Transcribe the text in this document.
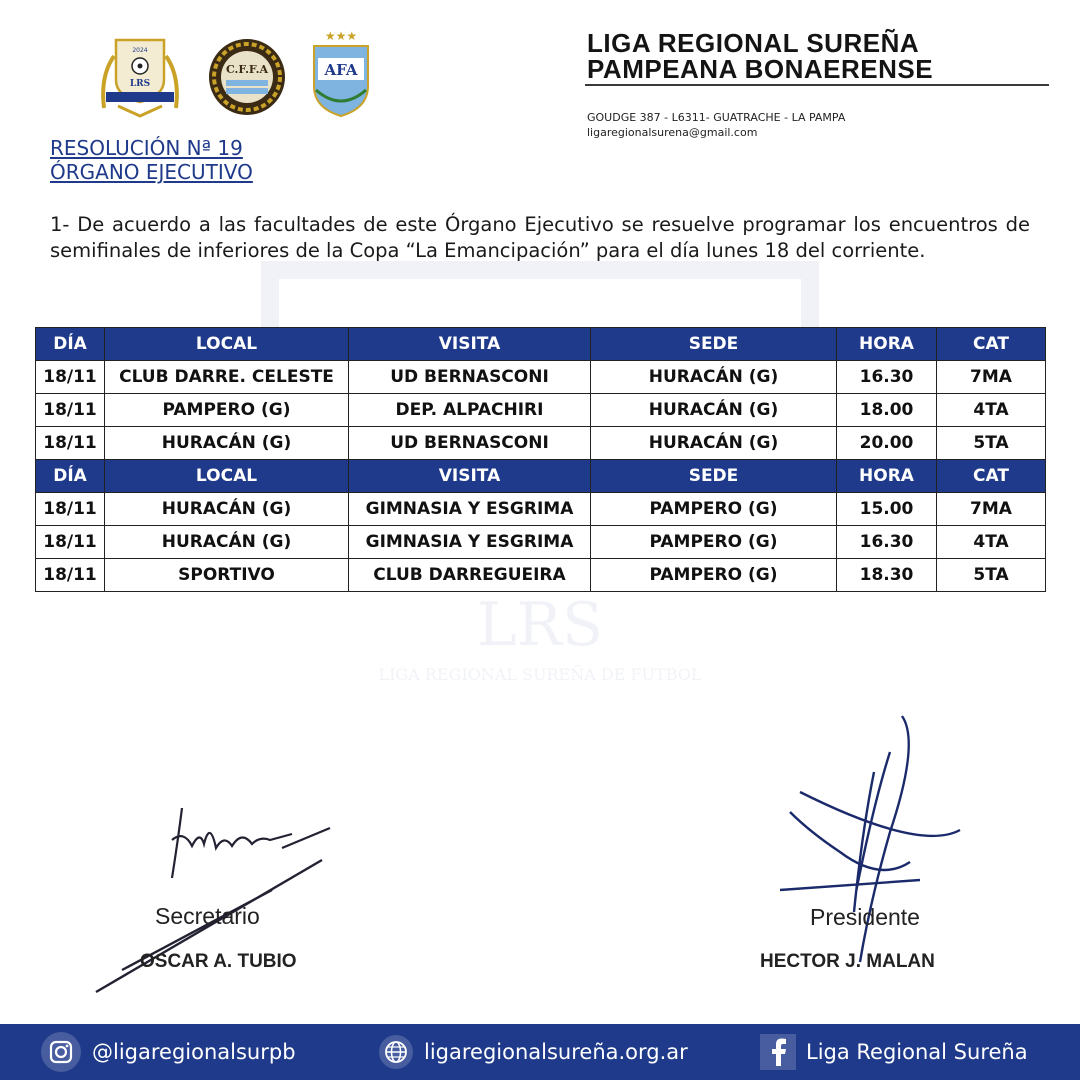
LRS
LIGA REGIONAL SUREÑA DE FUTBOL
2024
LRS
C.F.F.A
★★★
AFA
LIGA REGIONAL SUREÑA
PAMPEANA BONAERENSE
GOUDGE 387 - L6311- GUATRACHE - LA PAMPA
ligaregionalsurena@gmail.com
RESOLUCIÓN Nª 19
ÓRGANO EJECUTIVO

1- De acuerdo a las facultades de este Órgano Ejecutivo se resuelve programar los encuentros de semifinales de inferiores de la Copa “La Emancipación” para el día lunes 18 del corriente.

DÍA	LOCAL	VISITA	SEDE	HORA	CAT
18/11	CLUB DARRE. CELESTE	UD BERNASCONI	HURACÁN (G)	16.30	7MA
18/11	PAMPERO (G)	DEP. ALPACHIRI	HURACÁN (G)	18.00	4TA
18/11	HURACÁN (G)	UD BERNASCONI	HURACÁN (G)	20.00	5TA
DÍA	LOCAL	VISITA	SEDE	HORA	CAT
18/11	HURACÁN (G)	GIMNASIA Y ESGRIMA	PAMPERO (G)	15.00	7MA
18/11	HURACÁN (G)	GIMNASIA Y ESGRIMA	PAMPERO (G)	16.30	4TA
18/11	SPORTIVO	CLUB DARREGUEIRA	PAMPERO (G)	18.30	5TA
Secretario
OSCAR A. TUBIO
Presidente
HECTOR J. MALAN
@ligaregionalsurpb	ligaregionalsureña.org.ar	Liga Regional Sureña
